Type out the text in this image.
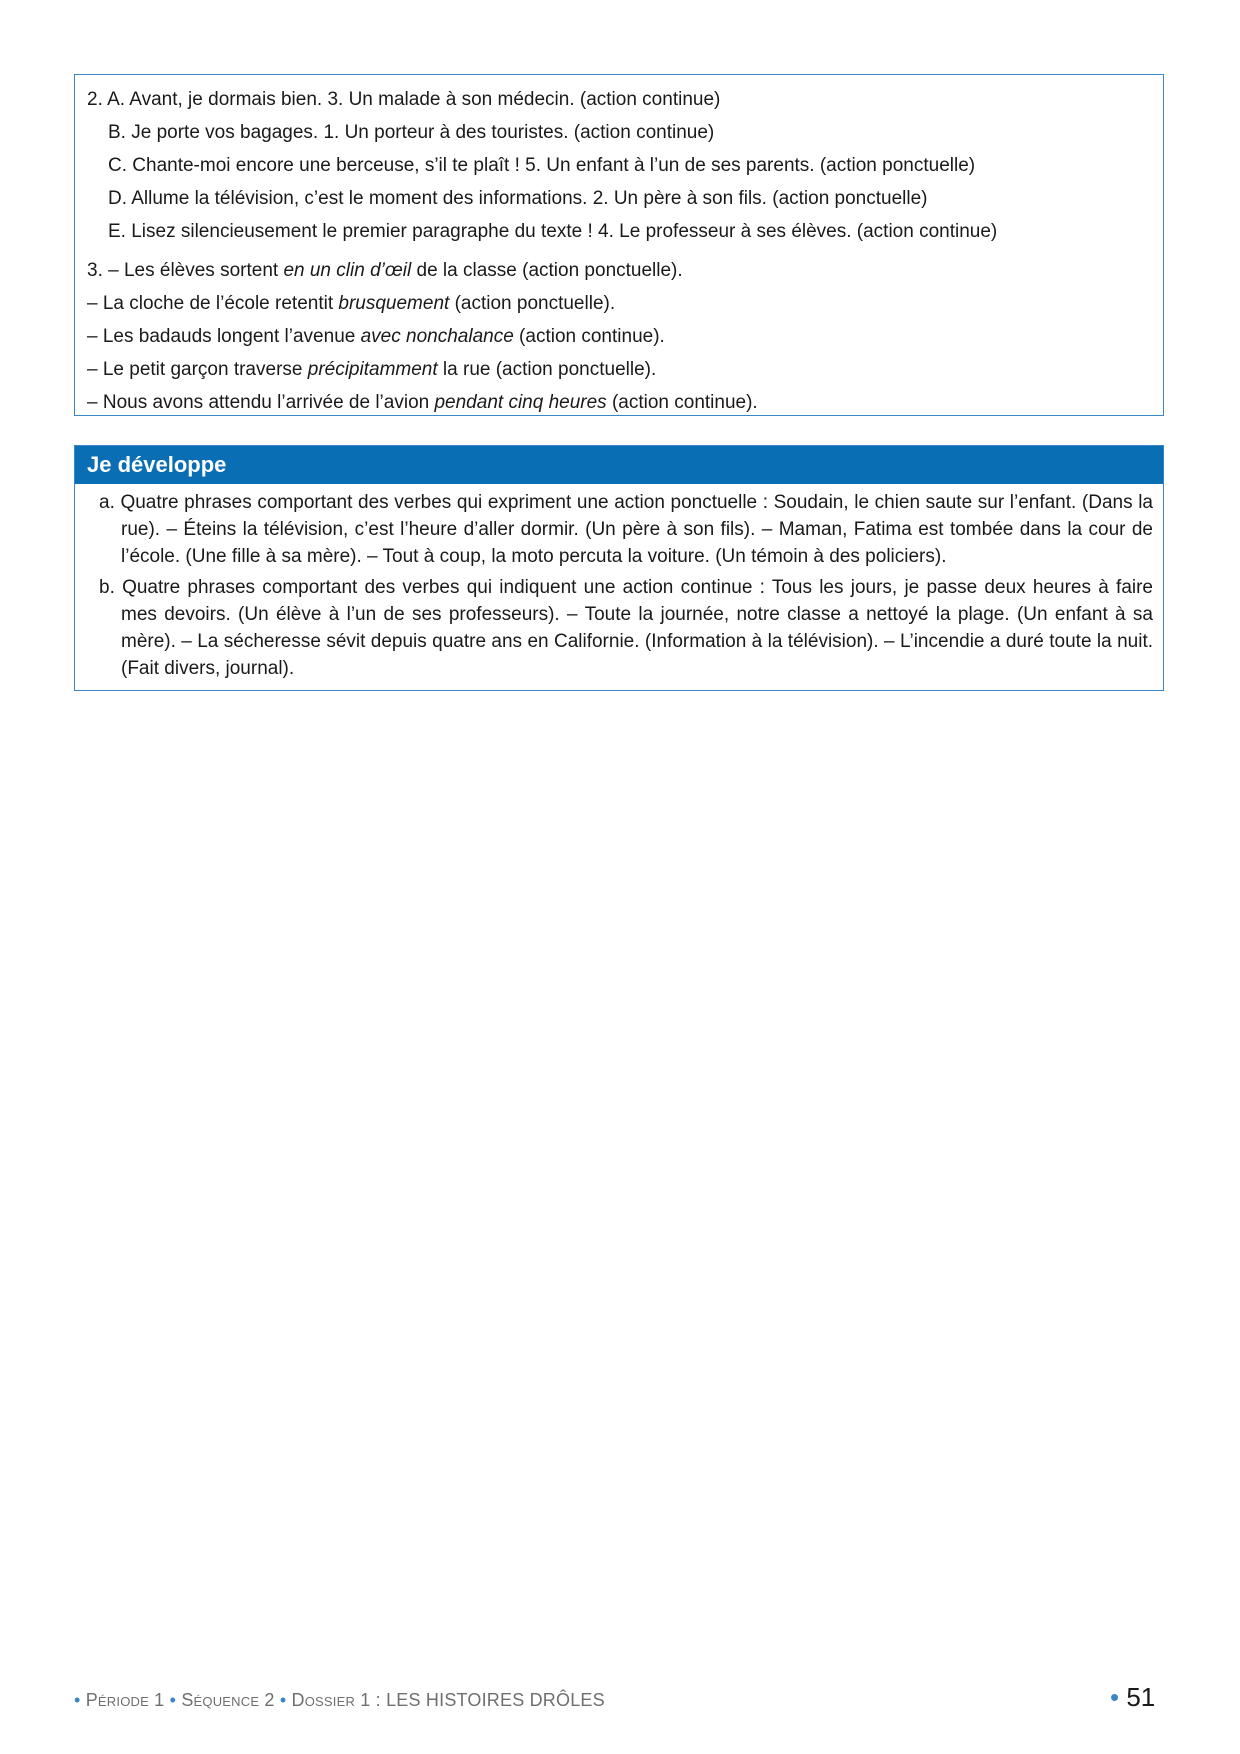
2. A. Avant, je dormais bien. 3. Un malade à son médecin. (action continue)
B. Je porte vos bagages. 1. Un porteur à des touristes. (action continue)
C. Chante-moi encore une berceuse, s’il te plaît ! 5. Un enfant à l’un de ses parents. (action ponctuelle)
D. Allume la télévision, c’est le moment des informations. 2. Un père à son fils. (action ponctuelle)
E. Lisez silencieusement le premier paragraphe du texte ! 4. Le professeur à ses élèves. (action continue)
3. – Les élèves sortent en un clin d’œil de la classe (action ponctuelle).
– La cloche de l’école retentit brusquement (action ponctuelle).
– Les badauds longent l’avenue avec nonchalance (action continue).
– Le petit garçon traverse précipitamment la rue (action ponctuelle).
– Nous avons attendu l’arrivée de l’avion pendant cinq heures (action continue).
Je développe

a. Quatre phrases comportant des verbes qui expriment une action ponctuelle : Soudain, le chien saute sur l’enfant. (Dans la rue). – Éteins la télévision, c’est l’heure d’aller dormir. (Un père à son fils). – Maman, Fatima est tombée dans la cour de l’école. (Une fille à sa mère). – Tout à coup, la moto percuta la voiture. (Un témoin à des policiers).

b. Quatre phrases comportant des verbes qui indiquent une action continue : Tous les jours, je passe deux heures à faire mes devoirs. (Un élève à l’un de ses professeurs). – Toute la journée, notre classe a nettoyé la plage. (Un enfant à sa mère). – La sécheresse sévit depuis quatre ans en Californie. (Information à la télévision). – L’incendie a duré toute la nuit. (Fait divers, journal).

• Période 1 • Séquence 2 • Dossier 1 : LES HISTOIRES DRÔLES	• 51
